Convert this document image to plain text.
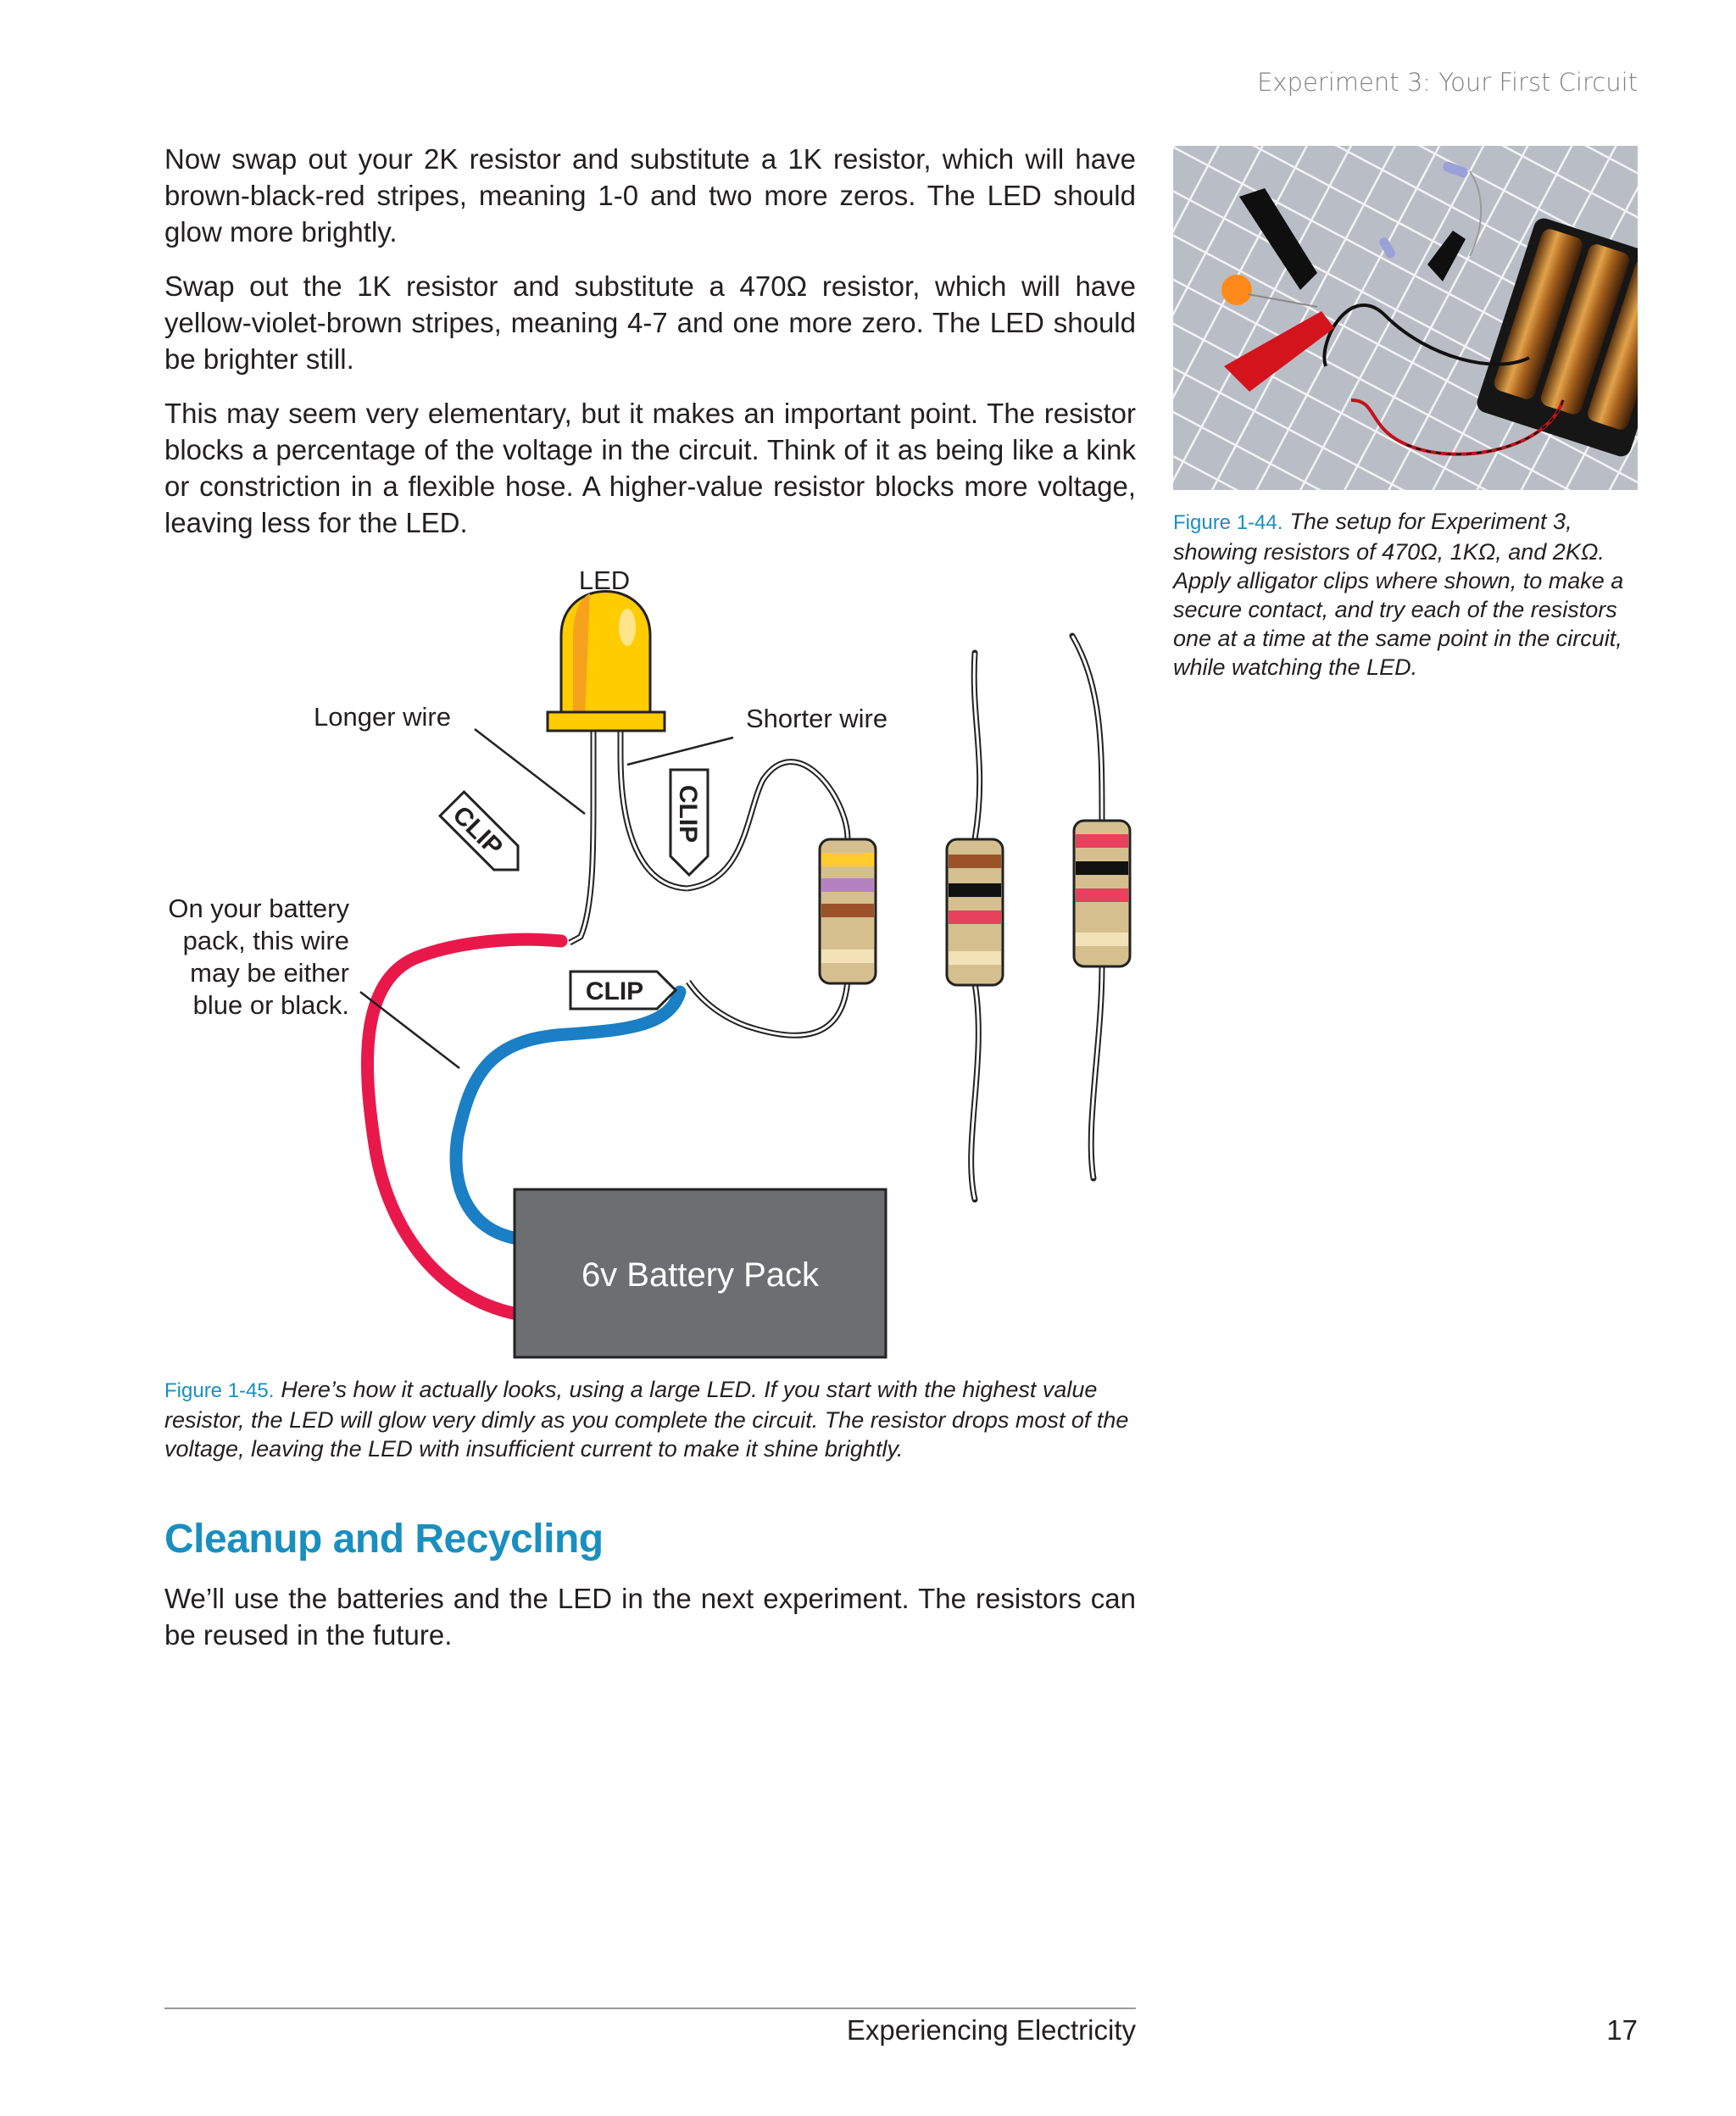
Experiment 3: Your First Circuit

Now swap out your 2K resistor and substitute a 1K resistor, which will have brown-black-red stripes, meaning 1-0 and two more zeros. The LED should glow more brightly.

Swap out the 1K resistor and substitute a 470Ω resistor, which will have yellow-violet-brown stripes, meaning 4-7 and one more zero. The LED should be brighter still.

This may seem very elementary, but it makes an important point. The resistor blocks a percentage of the voltage in the circuit. Think of it as being like a kink or constriction in a flexible hose. A higher-value resistor blocks more voltage, leaving less for the LED.	Figure 1-44. The setup for Experiment 3, showing resistors of 470Ω, 1KΩ, and 2KΩ. Apply alligator clips where shown, to make a secure contact, and try each of the resistors one at a time at the same point in the circuit, while watching the LED.

LED
Longer wire	Shorter wire
On your battery
pack, this wire
may be either
blue or black.
CLIP	CLIP
CLIP
6v Battery Pack

Figure 1-45. Here’s how it actually looks, using a large LED. If you start with the highest value resistor, the LED will glow very dimly as you complete the circuit. The resistor drops most of the voltage, leaving the LED with insufficient current to make it shine brightly.

Cleanup and Recycling

We’ll use the batteries and the LED in the next experiment. The resistors can be reused in the future.

Experiencing Electricity	17
